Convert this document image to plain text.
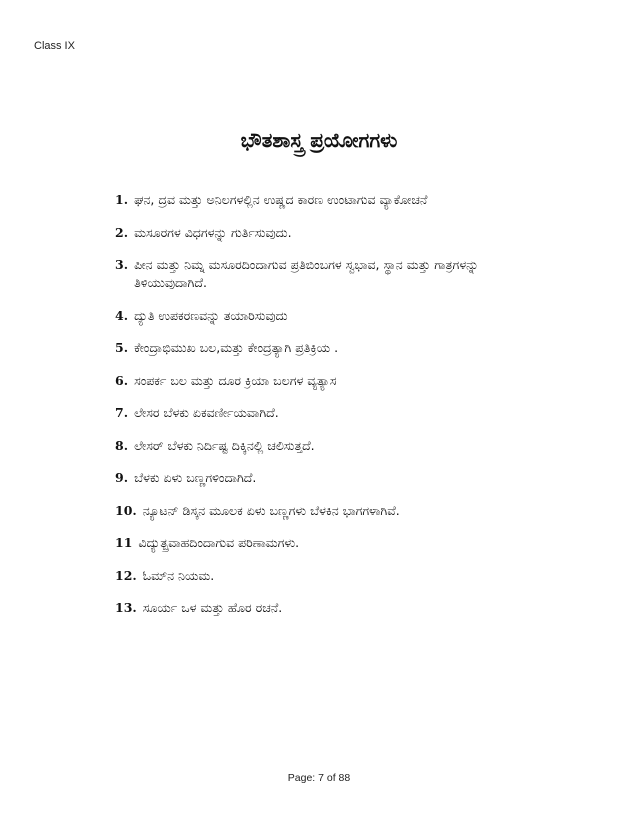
Class IX
ಭೌತಶಾಸ್ತ್ರ ಪ್ರಯೋಗಗಳು
1. ಘನ, ದ್ರವ ಮತ್ತು ಅನಿಲಗಳಲ್ಲಿನ ಉಷ್ಣದ ಕಾರಣ ಉಂಟಾಗುವ ವ್ಯಾಕೋಚನೆ
2. ಮಸೂರಗಳ ವಿಧಗಳನ್ನು ಗುರ್ತಿಸುವುದು.
3. ಪೀನ ಮತ್ತು ನಿಮ್ನ ಮಸೂರದಿಂದಾಗುವ ಪ್ರತಿಬಿಂಬಗಳ ಸ್ವಭಾವ, ಸ್ಥಾನ ಮತ್ತು ಗಾತ್ರಗಳನ್ನು ತಿಳಿಯುವುದಾಗಿದೆ.
4. ದ್ಯುತಿ ಉಪಕರಣವನ್ನು ತಯಾರಿಸುವುದು
5. ಕೇಂದ್ರಾಭಿಮುಖ ಬಲ,ಮತ್ತು ಕೇಂದ್ರತ್ಯಾಗಿ ಪ್ರತಿಕ್ರಿಯ .
6. ಸಂಪರ್ಕ ಬಲ ಮತ್ತು ದೂರ ಕ್ರಿಯಾ ಬಲಗಳ ವ್ಯತ್ಯಾಸ
7. ಲೇಸರ ಬೆಳಕು ಏಕವರ್ಣೀಯವಾಗಿದೆ.
8. ಲೇಸರ್ ಬೆಳಕು ನಿರ್ದಿಷ್ಟ ದಿಕ್ಕಿನಲ್ಲಿ ಚಲಿಸುತ್ತದೆ.
9. ಬೆಳಕು ಏಳು ಬಣ್ಣಗಳಿಂದಾಗಿದೆ.
10. ನ್ಯೂಟನ್ ಡಿಸ್ಕನ ಮೂಲಕ ಏಳು ಬಣ್ಣಗಳು ಬೆಳಕಿನ ಭಾಗಗಳಾಗಿವೆ.
11 ವಿದ್ಯುತ್ಪ್ರವಾಹದಿಂದಾಗುವ ಪರಿಣಾಮಗಳು.
12. ಓಮ್‌ನ ನಿಯಮ.
13. ಸೂರ್ಯ ಒಳ ಮತ್ತು ಹೊರ ರಚನೆ.
Page: 7 of 88
